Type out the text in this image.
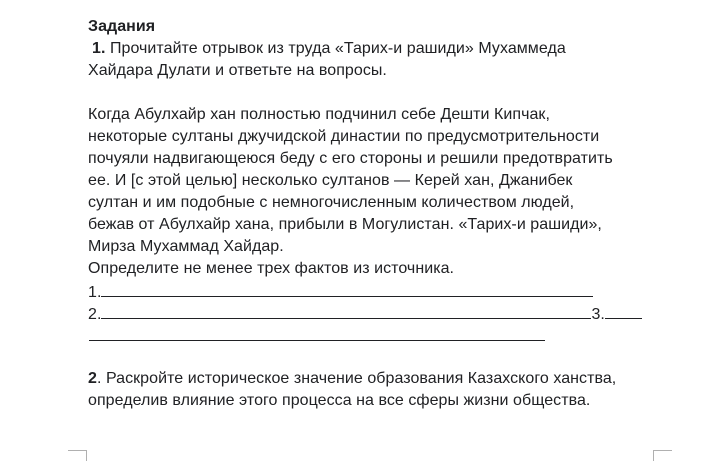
Задания
1. Прочитайте отрывок из труда «Тарих-и рашиди» Мухаммеда
Хайдара Дулати и ответьте на вопросы.
Когда Абулхайр хан полностью подчинил себе Дешти Кипчак,
некоторые султаны джучидской династии по предусмотрительности
почуяли надвигающеюся беду с его стороны и решили предотвратить
ее. И [с этой целью] несколько султанов — Керей хан, Джанибек
султан и им подобные с немногочисленным количеством людей,
бежав от Абулхайр хана, прибыли в Могулистан. «Тарих-и рашиди»,
Мирза Мухаммад Хайдар.
Определите не менее трех фактов из источника.
1.
2.	3.
2. Раскройте историческое значение образования Казахского ханства,
определив влияние этого процесса на все сферы жизни общества.
